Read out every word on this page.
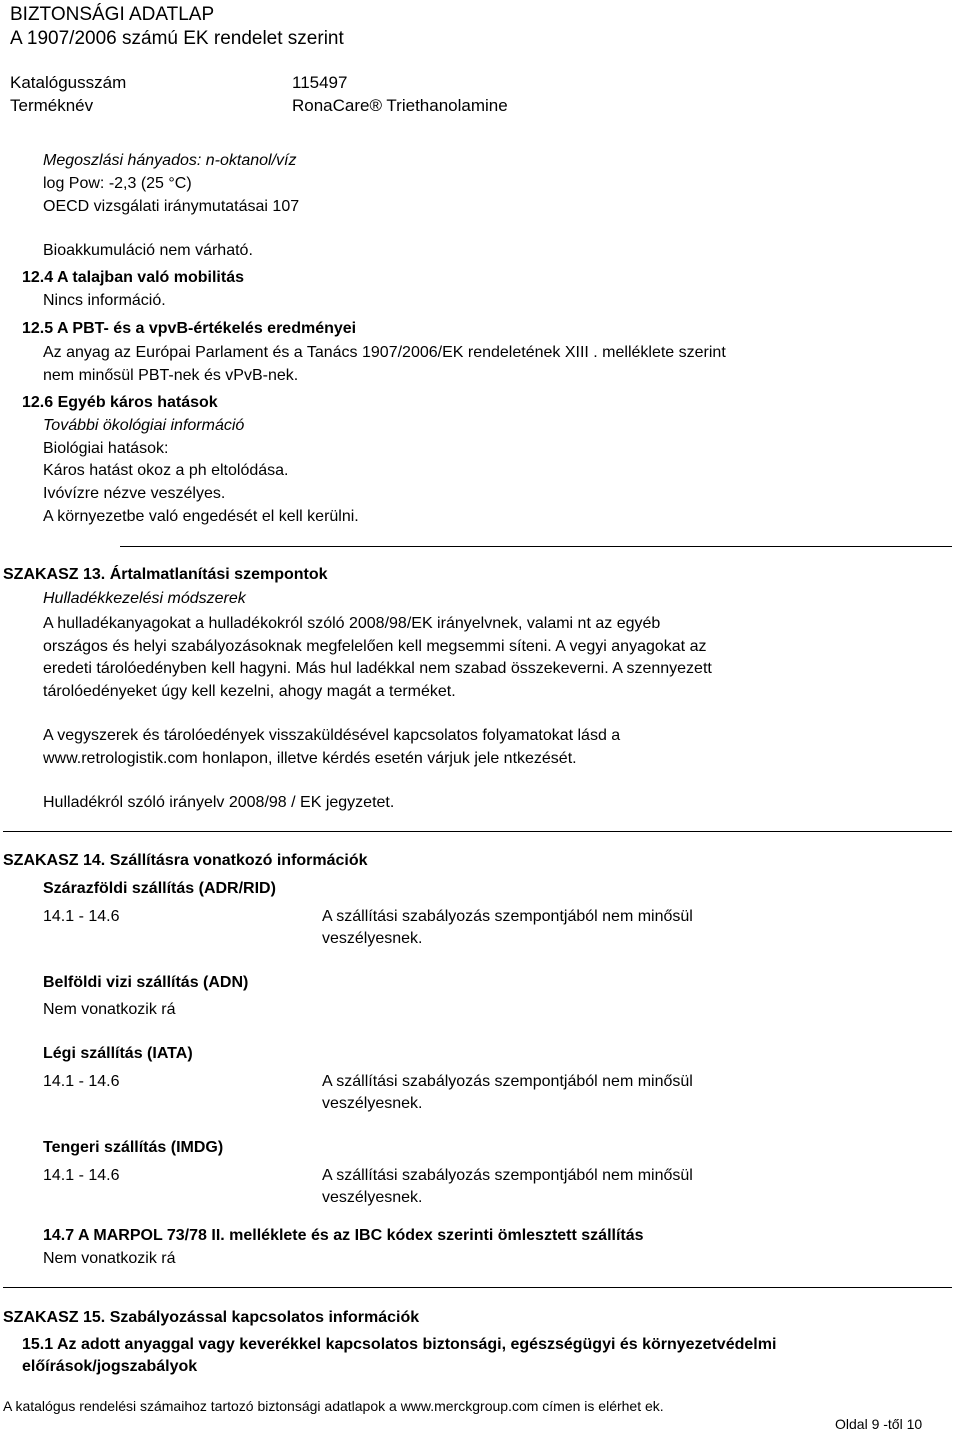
BIZTONSÁGI ADATLAP
A 1907/2006 számú EK rendelet szerint
Katalógusszám	115497
Terméknév	RonaCare® Triethanolamine
Megoszlási hányados: n-oktanol/víz
log Pow: -2,3 (25 °C)
OECD vizsgálati iránymutatásai 107
Bioakkumuláció nem várható.
12.4 A talajban való mobilitás
Nincs információ.
12.5 A PBT- és a vpvB-értékelés eredményei
Az anyag az Európai Parlament és a Tanács 1907/2006/EK rendeletének XIII . melléklete szerint
nem minősül PBT-nek és vPvB-nek.
12.6 Egyéb káros hatások
További ökológiai információ
Biológiai hatások:
Káros hatást okoz a ph eltolódása.
Ivóvízre nézve veszélyes.
A környezetbe való engedését el kell kerülni.
SZAKASZ 13. Ártalmatlanítási szempontok
Hulladékkezelési módszerek
A hulladékanyagokat a hulladékokról szóló 2008/98/EK irányelvnek, valami nt az egyéb
országos és helyi szabályozásoknak megfelelően kell megsemmi síteni. A vegyi anyagokat az
eredeti tárolóedényben kell hagyni. Más hul ladékkal nem szabad összekeverni. A szennyezett
tárolóedényeket úgy kell kezelni, ahogy magát a terméket.
A vegyszerek és tárolóedények visszaküldésével kapcsolatos folyamatokat lásd a
www.retrologistik.com honlapon, illetve kérdés esetén várjuk jele ntkezését.
Hulladékról szóló irányelv 2008/98 / EK jegyzetet.
SZAKASZ 14. Szállításra vonatkozó információk
Szárazföldi szállítás (ADR/RID)
14.1 - 14.6	A szállítási szabályozás szempontjából nem minősül
veszélyesnek.
Belföldi vizi szállítás (ADN)
Nem vonatkozik rá
Légi szállítás (IATA)
14.1 - 14.6	A szállítási szabályozás szempontjából nem minősül
veszélyesnek.
Tengeri szállítás (IMDG)
14.1 - 14.6	A szállítási szabályozás szempontjából nem minősül
veszélyesnek.
14.7 A MARPOL 73/78 II. melléklete és az IBC kódex szerinti ömlesztett szállítás
Nem vonatkozik rá
SZAKASZ 15. Szabályozással kapcsolatos információk
15.1 Az adott anyaggal vagy keverékkel kapcsolatos biztonsági, egészségügyi és környezetvédelmi
előírások/jogszabályok
A katalógus rendelési számaihoz tartozó biztonsági adatlapok a www.merckgroup.com címen is elérhet ek.
Oldal 9 -től 10
